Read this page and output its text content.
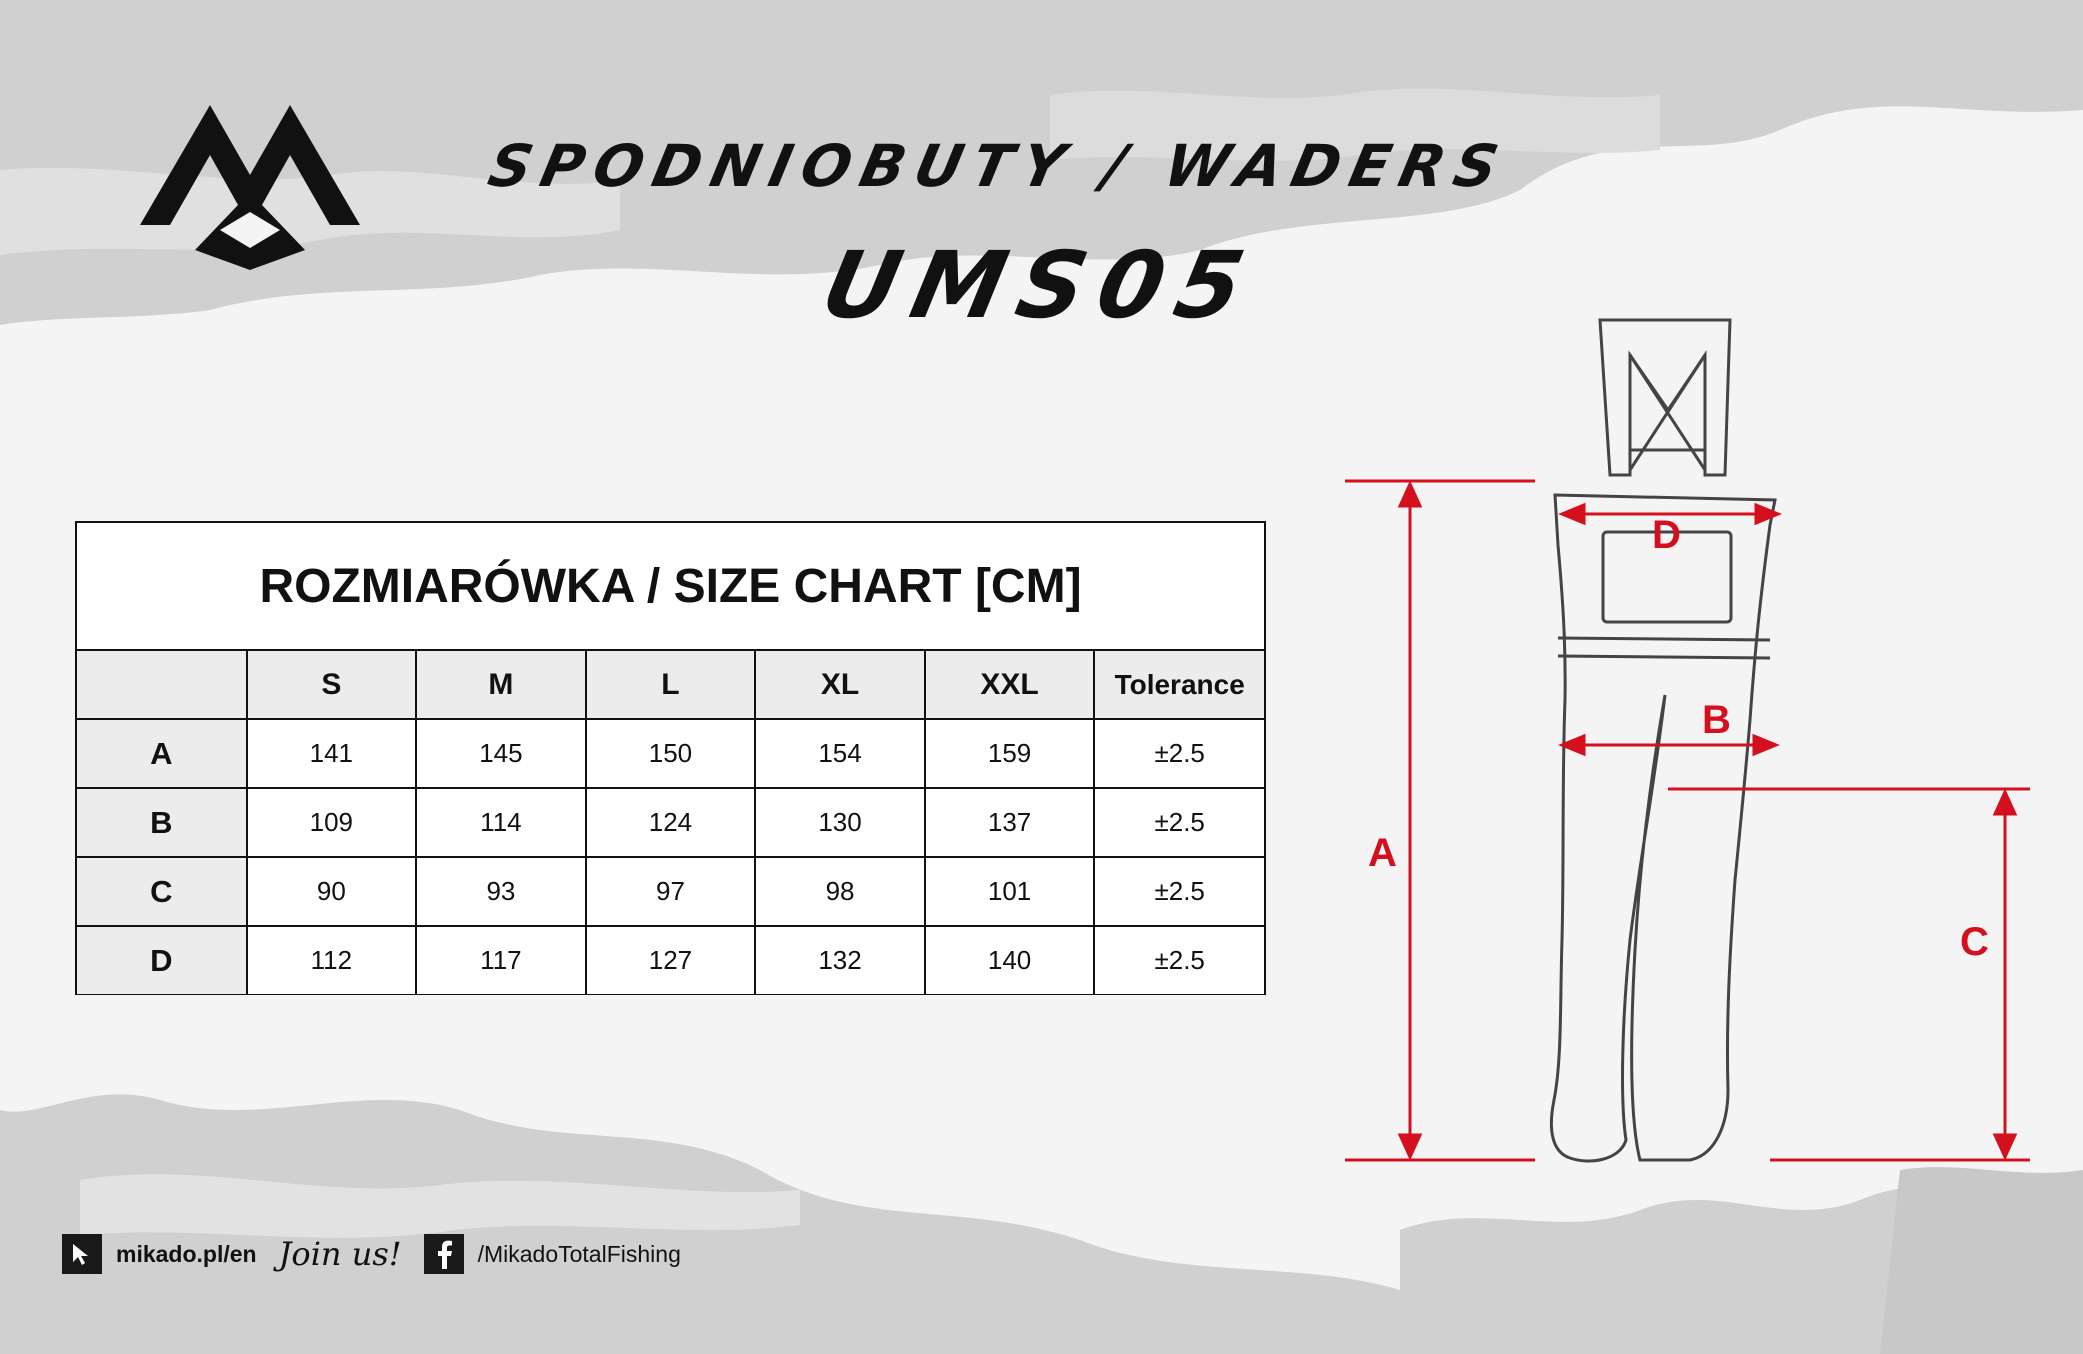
SPODNIOBUTY / WADERS
UMS05
ROZMIARÓWKA / SIZE CHART [CM]
	S	M	L	XL	XXL	Tolerance
A	141	145	150	154	159	±2.5
B	109	114	124	130	137	±2.5
C	90	93	97	98	101	±2.5
D	112	117	127	132	140	±2.5
A
D
B
C
mikado.pl/en Join us!	/MikadoTotalFishing
